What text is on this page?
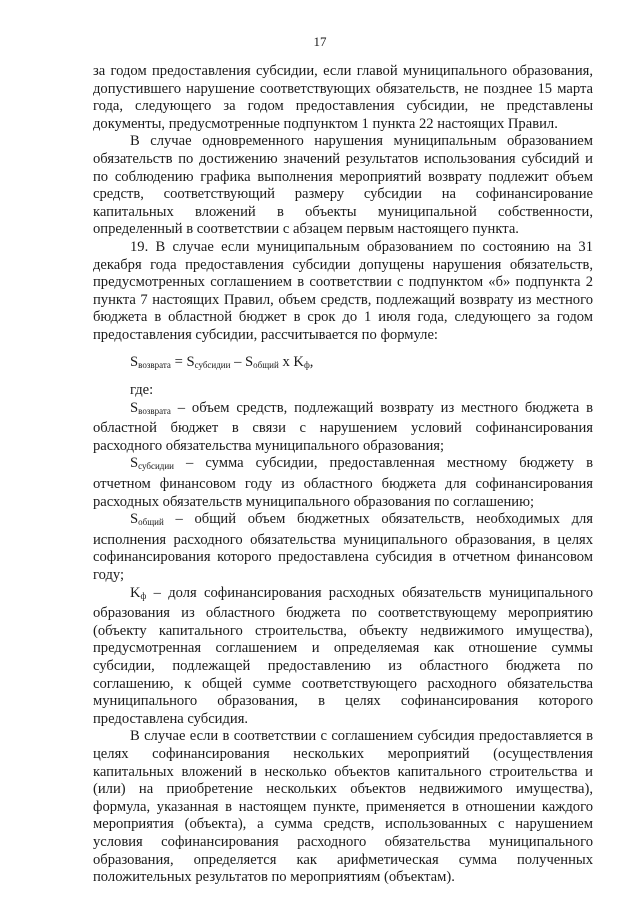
17

за годом предоставления субсидии, если главой муниципального образования, допустившего нарушение соответствующих обязательств, не позднее 15 марта года, следующего за годом предоставления субсидии, не представлены документы, предусмотренные подпунктом 1 пункта 22 настоящих Правил.

В случае одновременного нарушения муниципальным образованием обязательств по достижению значений результатов использования субсидий и по соблюдению графика выполнения мероприятий возврату подлежит объем средств, соответствующий размеру субсидии на софинансирование капитальных вложений в объекты муниципальной собственности, определенный в соответствии с абзацем первым настоящего пункта.

19. В случае если муниципальным образованием по состоянию на 31 декабря года предоставления субсидии допущены нарушения обязательств, предусмотренных соглашением в соответствии с подпунктом «б» подпункта 2 пункта 7 настоящих Правил, объем средств, подлежащий возврату из местного бюджета в областной бюджет в срок до 1 июля года, следующего за годом предоставления субсидии, рассчитывается по формуле:

$S_{возврата} = S_{субсидии} - S_{общий}$ х $K_ф$,

где:

$S_{возврата}$ – объем средств, подлежащий возврату из местного бюджета в областной бюджет в связи с нарушением условий софинансирования расходного обязательства муниципального образования;

$S_{субсидии}$ – сумма субсидии, предоставленная местному бюджету в отчетном финансовом году из областного бюджета для софинансирования расходных обязательств муниципального образования по соглашению;

$S_{общий}$ – общий объем бюджетных обязательств, необходимых для исполнения расходного обязательства муниципального образования, в целях софинансирования которого предоставлена субсидия в отчетном финансовом году;

$K_ф$ – доля софинансирования расходных обязательств муниципального образования из областного бюджета по соответствующему мероприятию (объекту капитального строительства, объекту недвижимого имущества), предусмотренная соглашением и определяемая как отношение суммы субсидии, подлежащей предоставлению из областного бюджета по соглашению, к общей сумме соответствующего расходного обязательства муниципального образования, в целях софинансирования которого предоставлена субсидия.

В случае если в соответствии с соглашением субсидия предоставляется в целях софинансирования нескольких мероприятий (осуществления капитальных вложений в несколько объектов капитального строительства и (или) на приобретение нескольких объектов недвижимого имущества), формула, указанная в настоящем пункте, применяется в отношении каждого мероприятия (объекта), а сумма средств, использованных с нарушением условия софинансирования расходного обязательства муниципального образования, определяется как арифметическая сумма полученных положительных результатов по мероприятиям (объектам).
